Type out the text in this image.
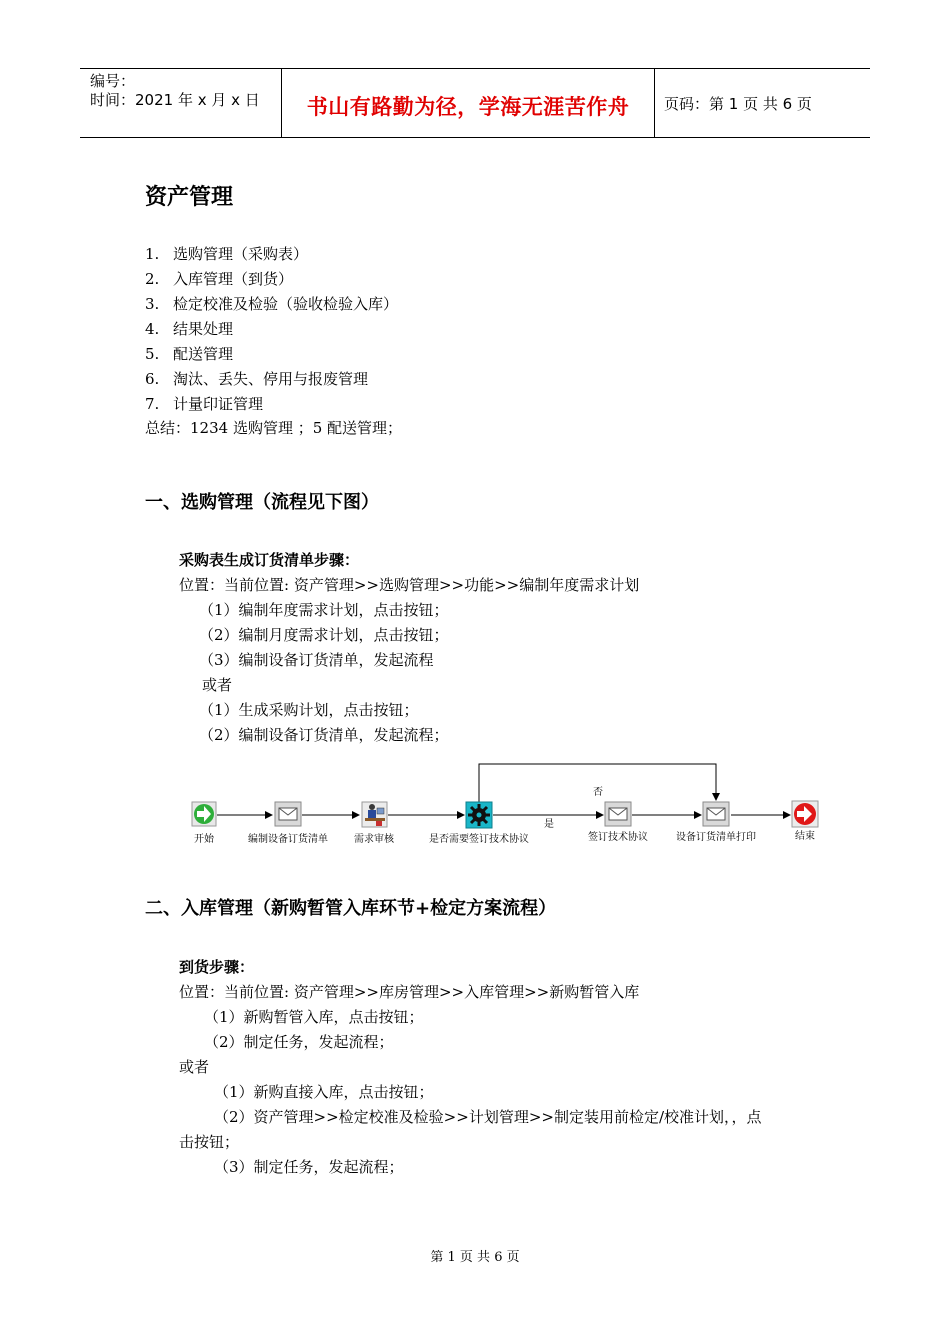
编号：
时间：2021 年 x 月 x 日	书山有路勤为径，学海无涯苦作舟	页码：第 1 页 共 6 页
资产管理
1. 选购管理（采购表）
2. 入库管理（到货）
3. 检定校准及检验（验收检验入库）
4. 结果处理
5. 配送管理
6. 淘汰、丢失、停用与报废管理
7. 计量印证管理
总结：1234 选购管理 ；5 配送管理；
一、选购管理（流程见下图）
采购表生成订货清单步骤：
位置：当前位置: 资产管理>>选购管理>>功能>>编制年度需求计划
（1）编制年度需求计划，点击按钮；
（2）编制月度需求计划，点击按钮；
（3）编制设备订货清单，发起流程
或者
（1）生成采购计划，点击按钮；
（2）编制设备订货清单，发起流程；
开始	编制设备订货清单	需求审核	是否需要签订技术协议	签订技术协议	设备订货清单打印	结束
是
否
二、入库管理（新购暂管入库环节+检定方案流程）
到货步骤：
位置：当前位置: 资产管理>>库房管理>>入库管理>>新购暂管入库
（1）新购暂管入库，点击按钮；
（2）制定任务，发起流程；
或者
（1）新购直接入库，点击按钮；
（2）资产管理>>检定校准及检验>>计划管理>>制定装用前检定/校准计划，，点
击按钮；
（3）制定任务，发起流程；
第 1 页 共 6 页
